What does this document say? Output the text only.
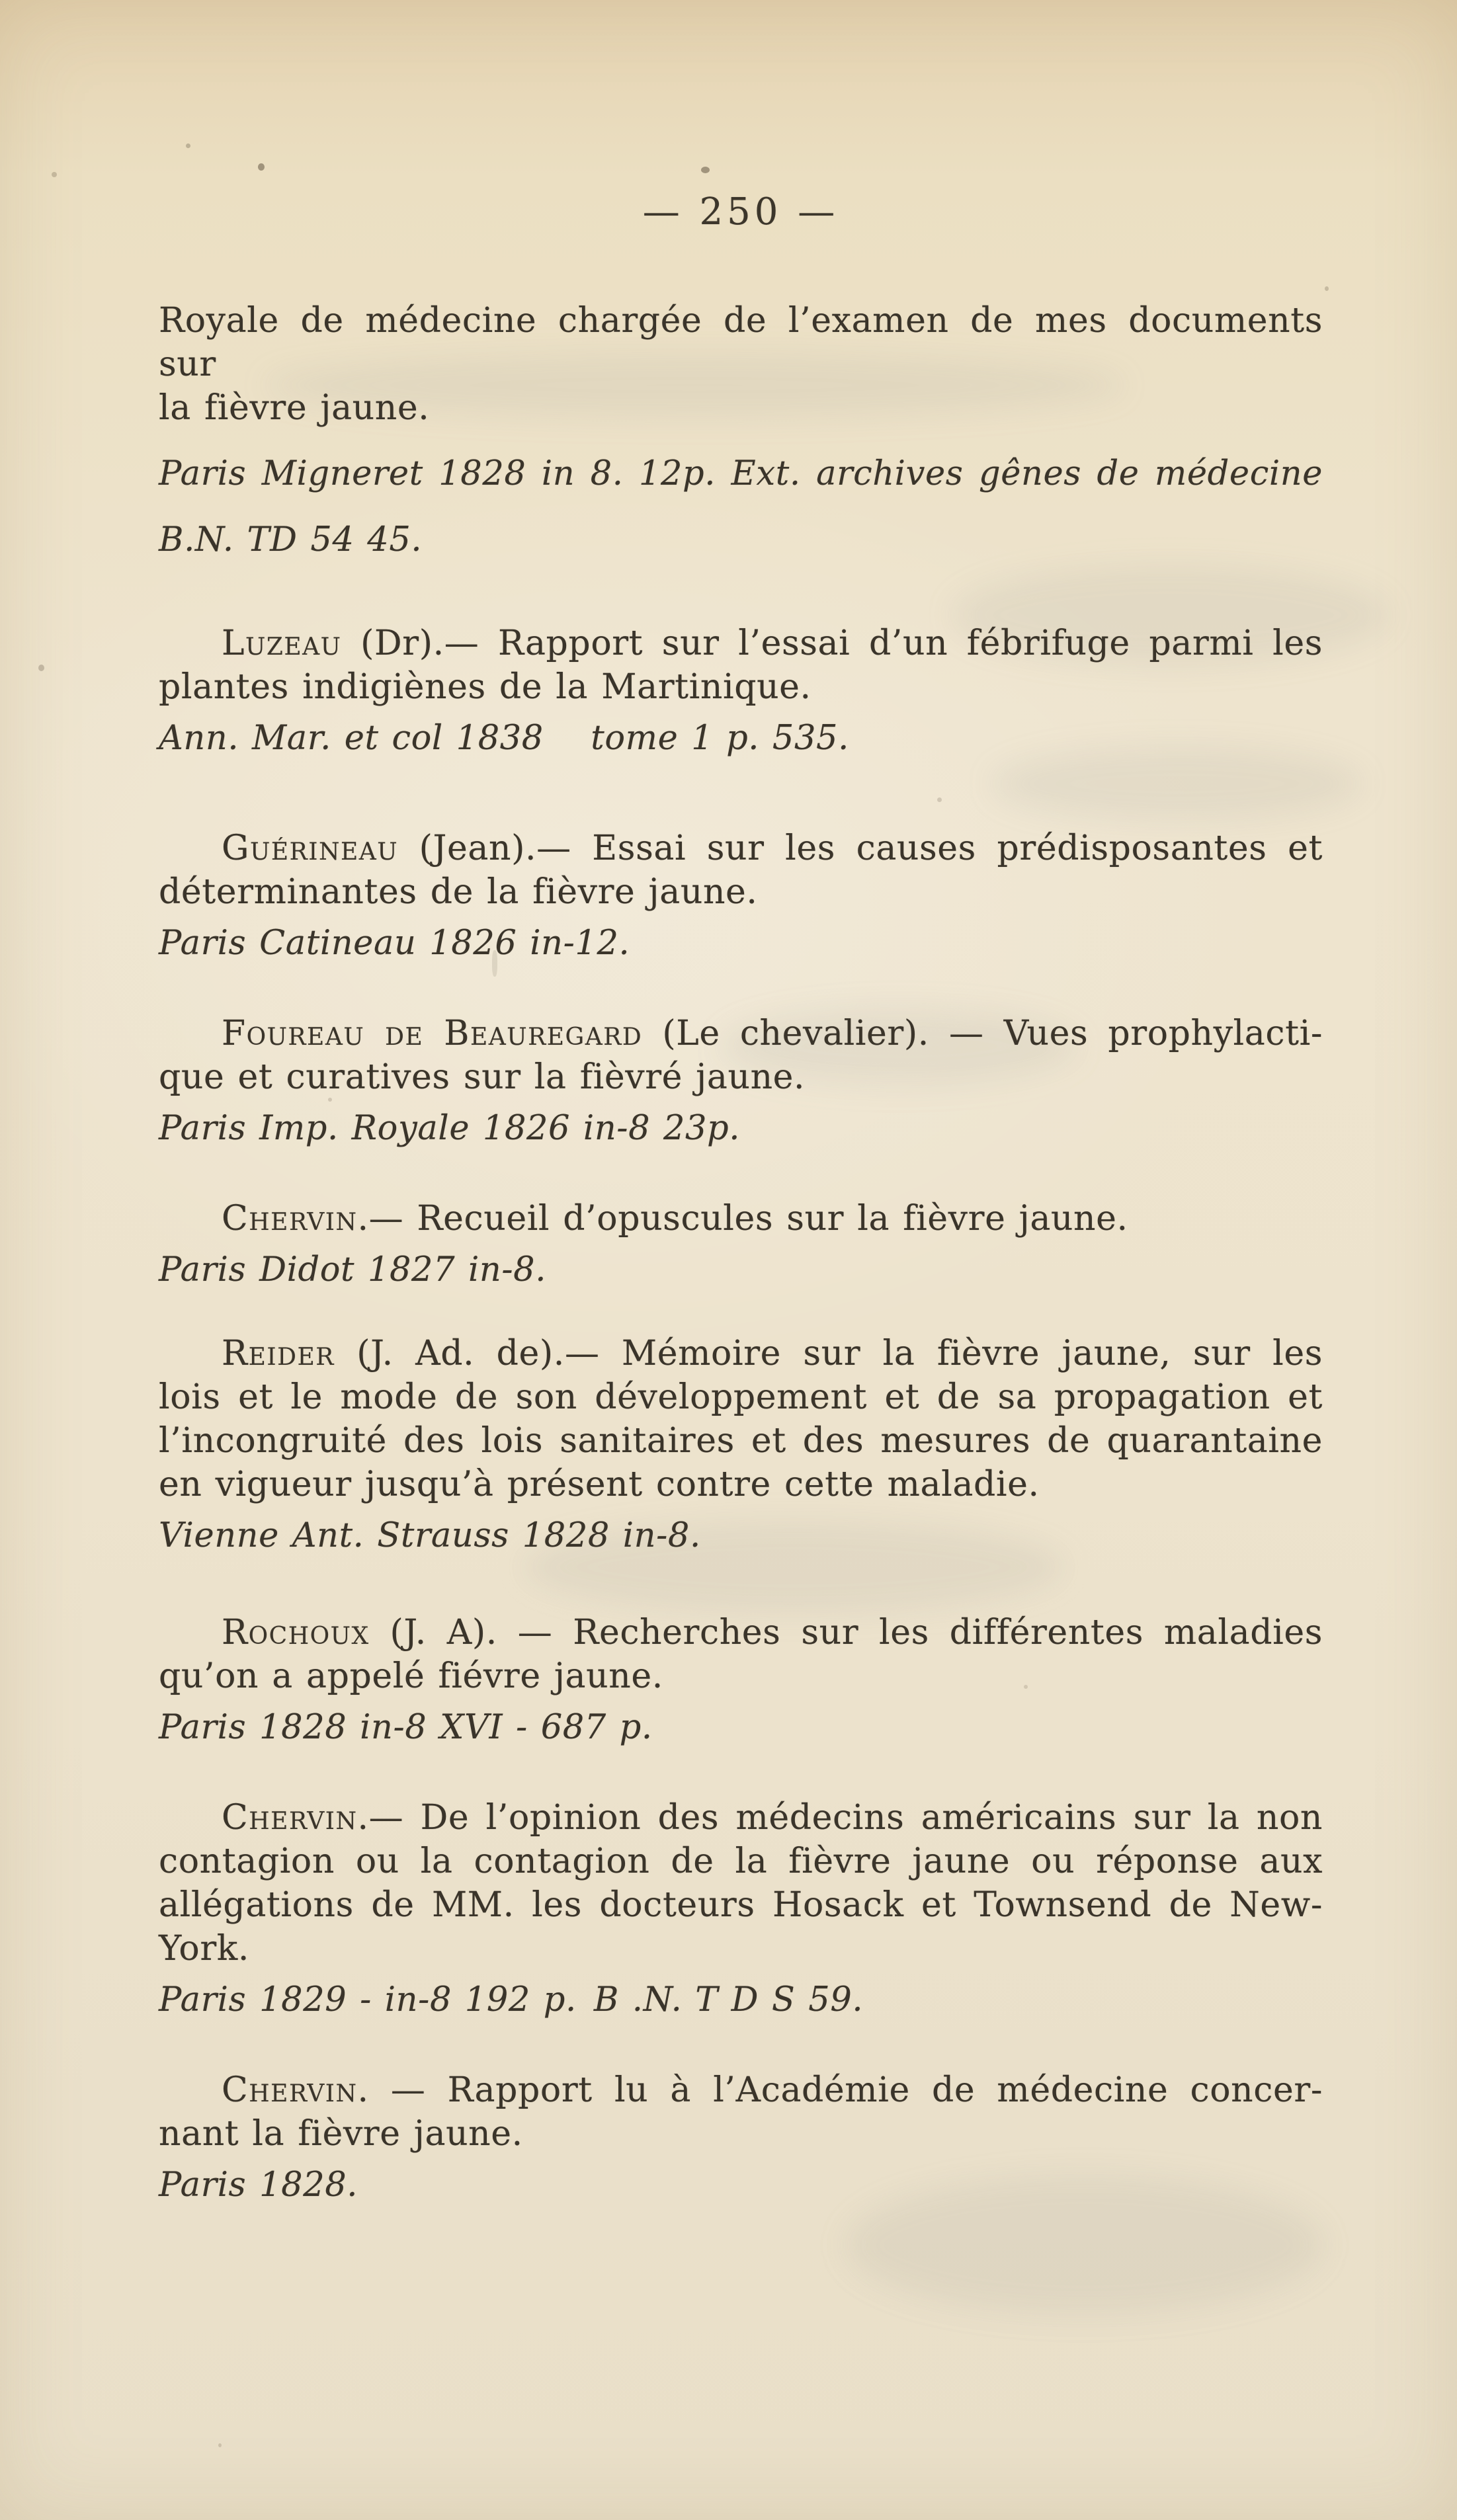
— 250 —

Royale de médecine chargée de l’examen de mes documents sur

la fièvre jaune.

Paris Migneret 1828 in 8. 12p. Ext. archives gênes de médecine

B.N. TD 54 45.

Luzeau (Dr).— Rapport sur l’essai d’un fébrifuge parmi les

plantes indigiènes de la Martinique.

Ann. Mar. et col 1838  tome 1 p. 535.

Guérineau (Jean).— Essai sur les causes prédisposantes et

déterminantes de la fièvre jaune.

Paris Catineau 1826 in-12.

Foureau de Beauregard (Le chevalier). — Vues prophylacti-

que et curatives sur la fièvré jaune.

Paris Imp. Royale 1826 in-8 23p.

Chervin.— Recueil d’opuscules sur la fièvre jaune.

Paris Didot 1827 in-8.

Reider (J. Ad. de).— Mémoire sur la fièvre jaune, sur les

lois et le mode de son développement et de sa propagation et

l’incongruité des lois sanitaires et des mesures de quarantaine

en vigueur jusqu’à présent contre cette maladie.

Vienne Ant. Strauss 1828 in-8.

Rochoux (J. A). — Recherches sur les différentes maladies

qu’on a appelé fiévre jaune.

Paris 1828 in-8 XVI - 687 p.

Chervin.— De l’opinion des médecins américains sur la non

contagion ou la contagion de la fièvre jaune ou réponse aux

allégations de MM. les docteurs Hosack et Townsend de New-

York.

Paris 1829 - in-8 192 p. B .N. T D S 59.

Chervin. — Rapport lu à l’Académie de médecine concer-

nant la fièvre jaune.

Paris 1828.
